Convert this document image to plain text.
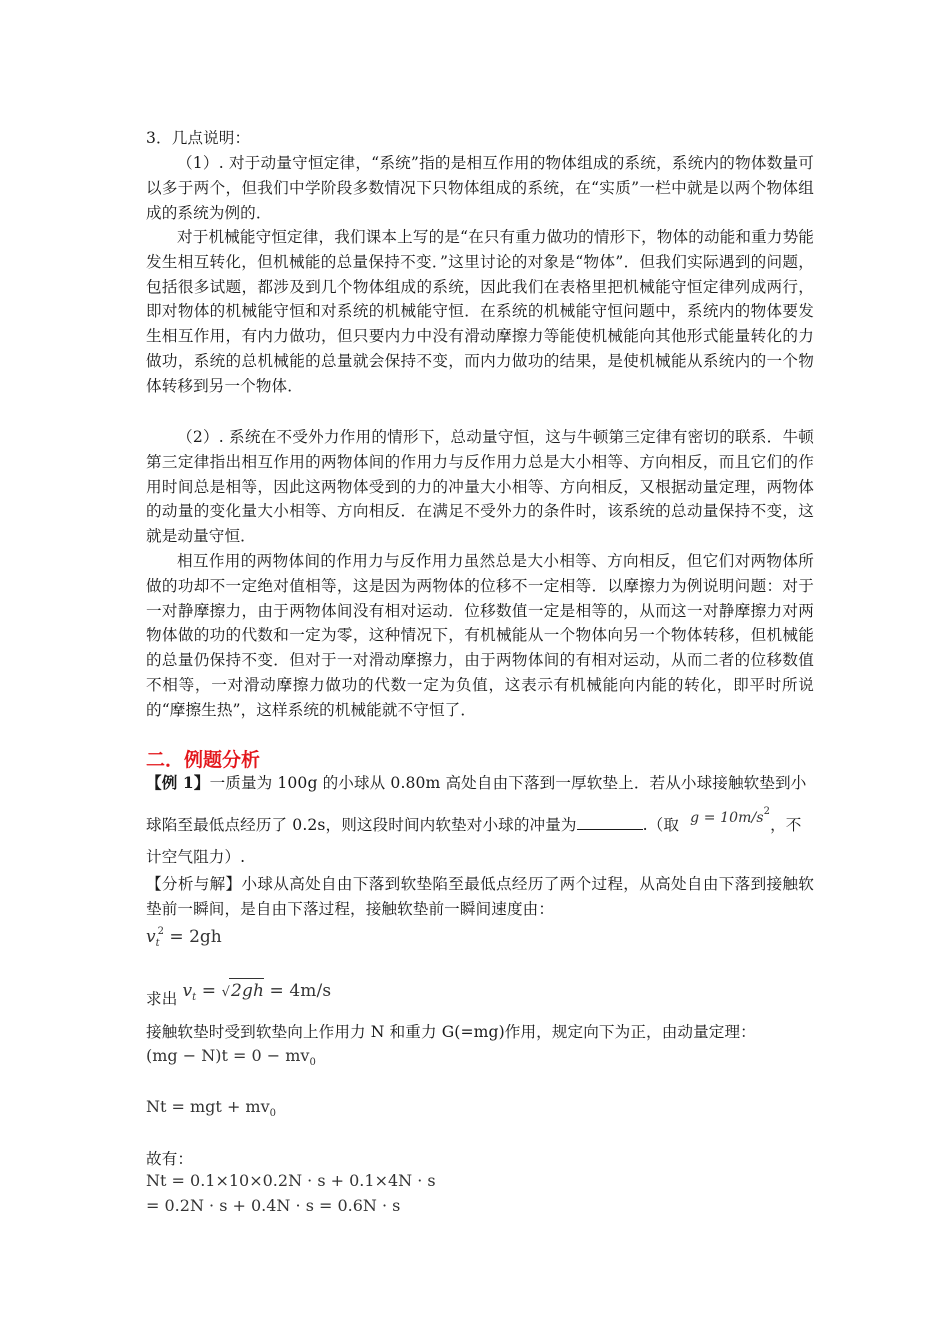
3．几点说明：
（1）. 对于动量守恒定律，“系统”指的是相互作用的物体组成的系统，系统内的物体数量可以多于两个，但我们中学阶段多数情况下只物体组成的系统，在“实质”一栏中就是以两个物体组成的系统为例的．
对于机械能守恒定律，我们课本上写的是“在只有重力做功的情形下，物体的动能和重力势能发生相互转化，但机械能的总量保持不变．”这里讨论的对象是“物体”．但我们实际遇到的问题，包括很多试题，都涉及到几个物体组成的系统，因此我们在表格里把机械能守恒定律列成两行，即对物体的机械能守恒和对系统的机械能守恒．在系统的机械能守恒问题中，系统内的物体要发生相互作用，有内力做功，但只要内力中没有滑动摩擦力等能使机械能向其他形式能量转化的力做功，系统的总机械能的总量就会保持不变，而内力做功的结果，是使机械能从系统内的一个物体转移到另一个物体．
（2）. 系统在不受外力作用的情形下，总动量守恒，这与牛顿第三定律有密切的联系．牛顿第三定律指出相互作用的两物体间的作用力与反作用力总是大小相等、方向相反，而且它们的作用时间总是相等，因此这两物体受到的力的冲量大小相等、方向相反，又根据动量定理，两物体的动量的变化量大小相等、方向相反．在满足不受外力的条件时，该系统的总动量保持不变，这就是动量守恒．
相互作用的两物体间的作用力与反作用力虽然总是大小相等、方向相反，但它们对两物体所做的功却不一定绝对值相等，这是因为两物体的位移不一定相等．以摩擦力为例说明问题：对于一对静摩擦力，由于两物体间没有相对运动．位移数值一定是相等的，从而这一对静摩擦力对两物体做的功的代数和一定为零，这种情况下，有机械能从一个物体向另一个物体转移，但机械能的总量仍保持不变．但对于一对滑动摩擦力，由于两物体间的有相对运动，从而二者的位移数值不相等，一对滑动摩擦力做功的代数一定为负值，这表示有机械能向内能的转化，即平时所说的“摩擦生热”，这样系统的机械能就不守恒了．
二．例题分析
【例 1】一质量为 100g 的小球从 0.80m 高处自由下落到一厚软垫上．若从小球接触软垫到小
球陷至最低点经历了 0.2s，则这段时间内软垫对小球的冲量为	.（取 $g = 10m/s^2$，不
计空气阻力）.
【分析与解】小球从高处自由下落到软垫陷至最低点经历了两个过程，从高处自由下落到接触软垫前一瞬间，是自由下落过程，接触软垫前一瞬间速度由：
$v_t^2 = 2gh$
求出 $v_t = √2gh = 4m/s$
接触软垫时受到软垫向上作用力 N 和重力 G(=mg)作用，规定向下为正，由动量定理：
$(mg - N)t = 0 - mv_0$
Nt = mgt + $mv_0$
故有：
Nt = 0.1×10×0.2N · s + 0.1×4N · s
= 0.2N · s + 0.4N · s = 0.6N · s
